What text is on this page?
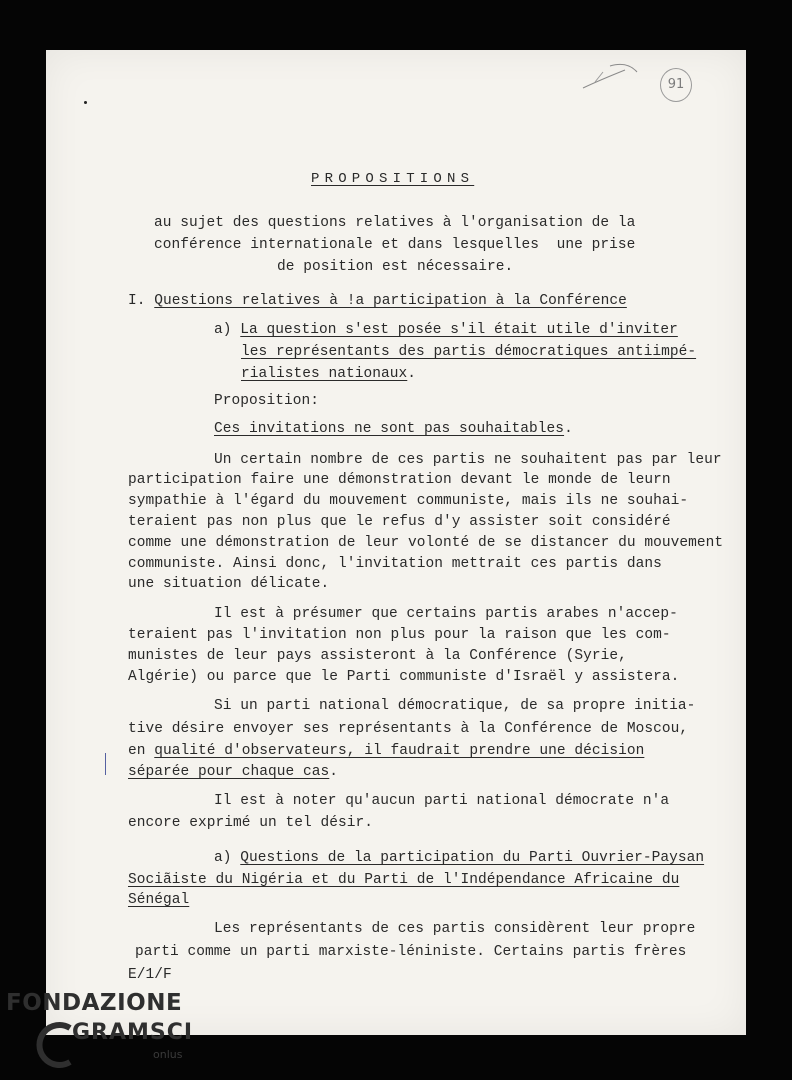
91
PROPOSITIONS
au sujet des questions relatives à l'organisation de la
conférence internationale et dans lesquelles  une prise
de position est nécessaire.
I. Questions relatives à !a participation à la Conférence
a) La question s'est posée s'il était utile d'inviter
les représentants des partis démocratiques antiimpé-
rialistes nationaux.
Proposition:
Ces invitations ne sont pas souhaitables.
Un certain nombre de ces partis ne souhaitent pas par leur
participation faire une démonstration devant le monde de leurn
sympathie à l'égard du mouvement communiste, mais ils ne souhai-
teraient pas non plus que le refus d'y assister soit considéré
comme une démonstration de leur volonté de se distancer du mouvement
communiste. Ainsi donc, l'invitation mettrait ces partis dans
une situation délicate.
Il est à présumer que certains partis arabes n'accep-
teraient pas l'invitation non plus pour la raison que les com-
munistes de leur pays assisteront à la Conférence (Syrie,
Algérie) ou parce que le Parti communiste d'Israël y assistera.
Si un parti national démocratique, de sa propre initia-
tive désire envoyer ses représentants à la Conférence de Moscou,
en qualité d'observateurs, il faudrait prendre une décision
séparée pour chaque cas.
Il est à noter qu'aucun parti national démocrate n'a
encore exprimé un tel désir.
a) Questions de la participation du Parti Ouvrier-Paysan
Sociãiste du Nigéria et du Parti de l'Indépendance Africaine du
Sénégal
Les représentants de ces partis considèrent leur propre
parti comme un parti marxiste-léniniste. Certains partis frères
E/1/F
FONDAZIONE
GRAMSCI
onlus
